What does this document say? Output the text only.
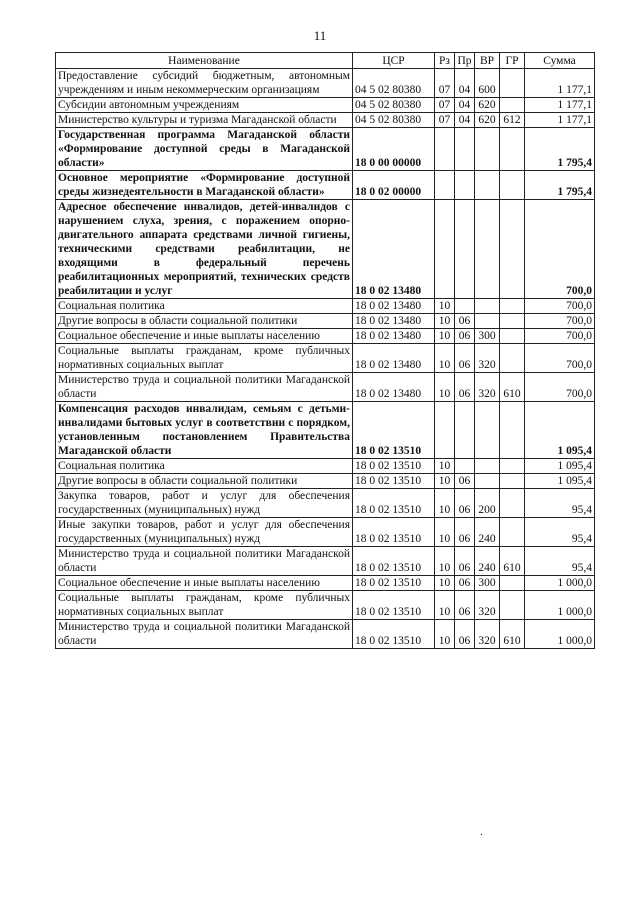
11
Наименование	ЦСР	Рз	Пр	ВР	ГР	Сумма
Предоставление субсидий бюджетным, автономным учреждениям и иным некоммерческим организациям	04 5 02 80380	07	04	600		1 177,1
Субсидии автономным учреждениям	04 5 02 80380	07	04	620		1 177,1
Министерство культуры и туризма Магаданской области	04 5 02 80380	07	04	620	612	1 177,1
Государственная программа Магаданской области «Формирование доступной среды в Магаданской области»	18 0 00 00000					1 795,4
Основное мероприятие «Формирование доступной среды жизнедеятельности в Магаданской области»	18 0 02 00000					1 795,4
Адресное обеспечение инвалидов, детей-инвалидов с нарушением слуха, зрения, с поражением опорно-двигательного аппарата средствами личной гигиены, техническими средствами реабилитации, не входящими в федеральный перечень реабилитационных мероприятий, технических средств реабилитации и услуг	18 0 02 13480					700,0
Социальная политика	18 0 02 13480	10				700,0
Другие вопросы в области социальной политики	18 0 02 13480	10	06			700,0
Социальное обеспечение и иные выплаты населению	18 0 02 13480	10	06	300		700,0
Социальные выплаты гражданам, кроме публичных нормативных социальных выплат	18 0 02 13480	10	06	320		700,0
Министерство труда и социальной политики Магаданской области	18 0 02 13480	10	06	320	610	700,0
Компенсация расходов инвалидам, семьям с детьми-инвалидами бытовых услуг в соответствии с порядком, установленным постановлением Правительства Магаданской области	18 0 02 13510					1 095,4
Социальная политика	18 0 02 13510	10				1 095,4
Другие вопросы в области социальной политики	18 0 02 13510	10	06			1 095,4
Закупка товаров, работ и услуг для обеспечения государственных (муниципальных) нужд	18 0 02 13510	10	06	200		95,4
Иные закупки товаров, работ и услуг для обеспечения государственных (муниципальных) нужд	18 0 02 13510	10	06	240		95,4
Министерство труда и социальной политики Магаданской области	18 0 02 13510	10	06	240	610	95,4
Социальное обеспечение и иные выплаты населению	18 0 02 13510	10	06	300		1 000,0
Социальные выплаты гражданам, кроме публичных нормативных социальных выплат	18 0 02 13510	10	06	320		1 000,0
Министерство труда и социальной политики Магаданской области	18 0 02 13510	10	06	320	610	1 000,0
.
